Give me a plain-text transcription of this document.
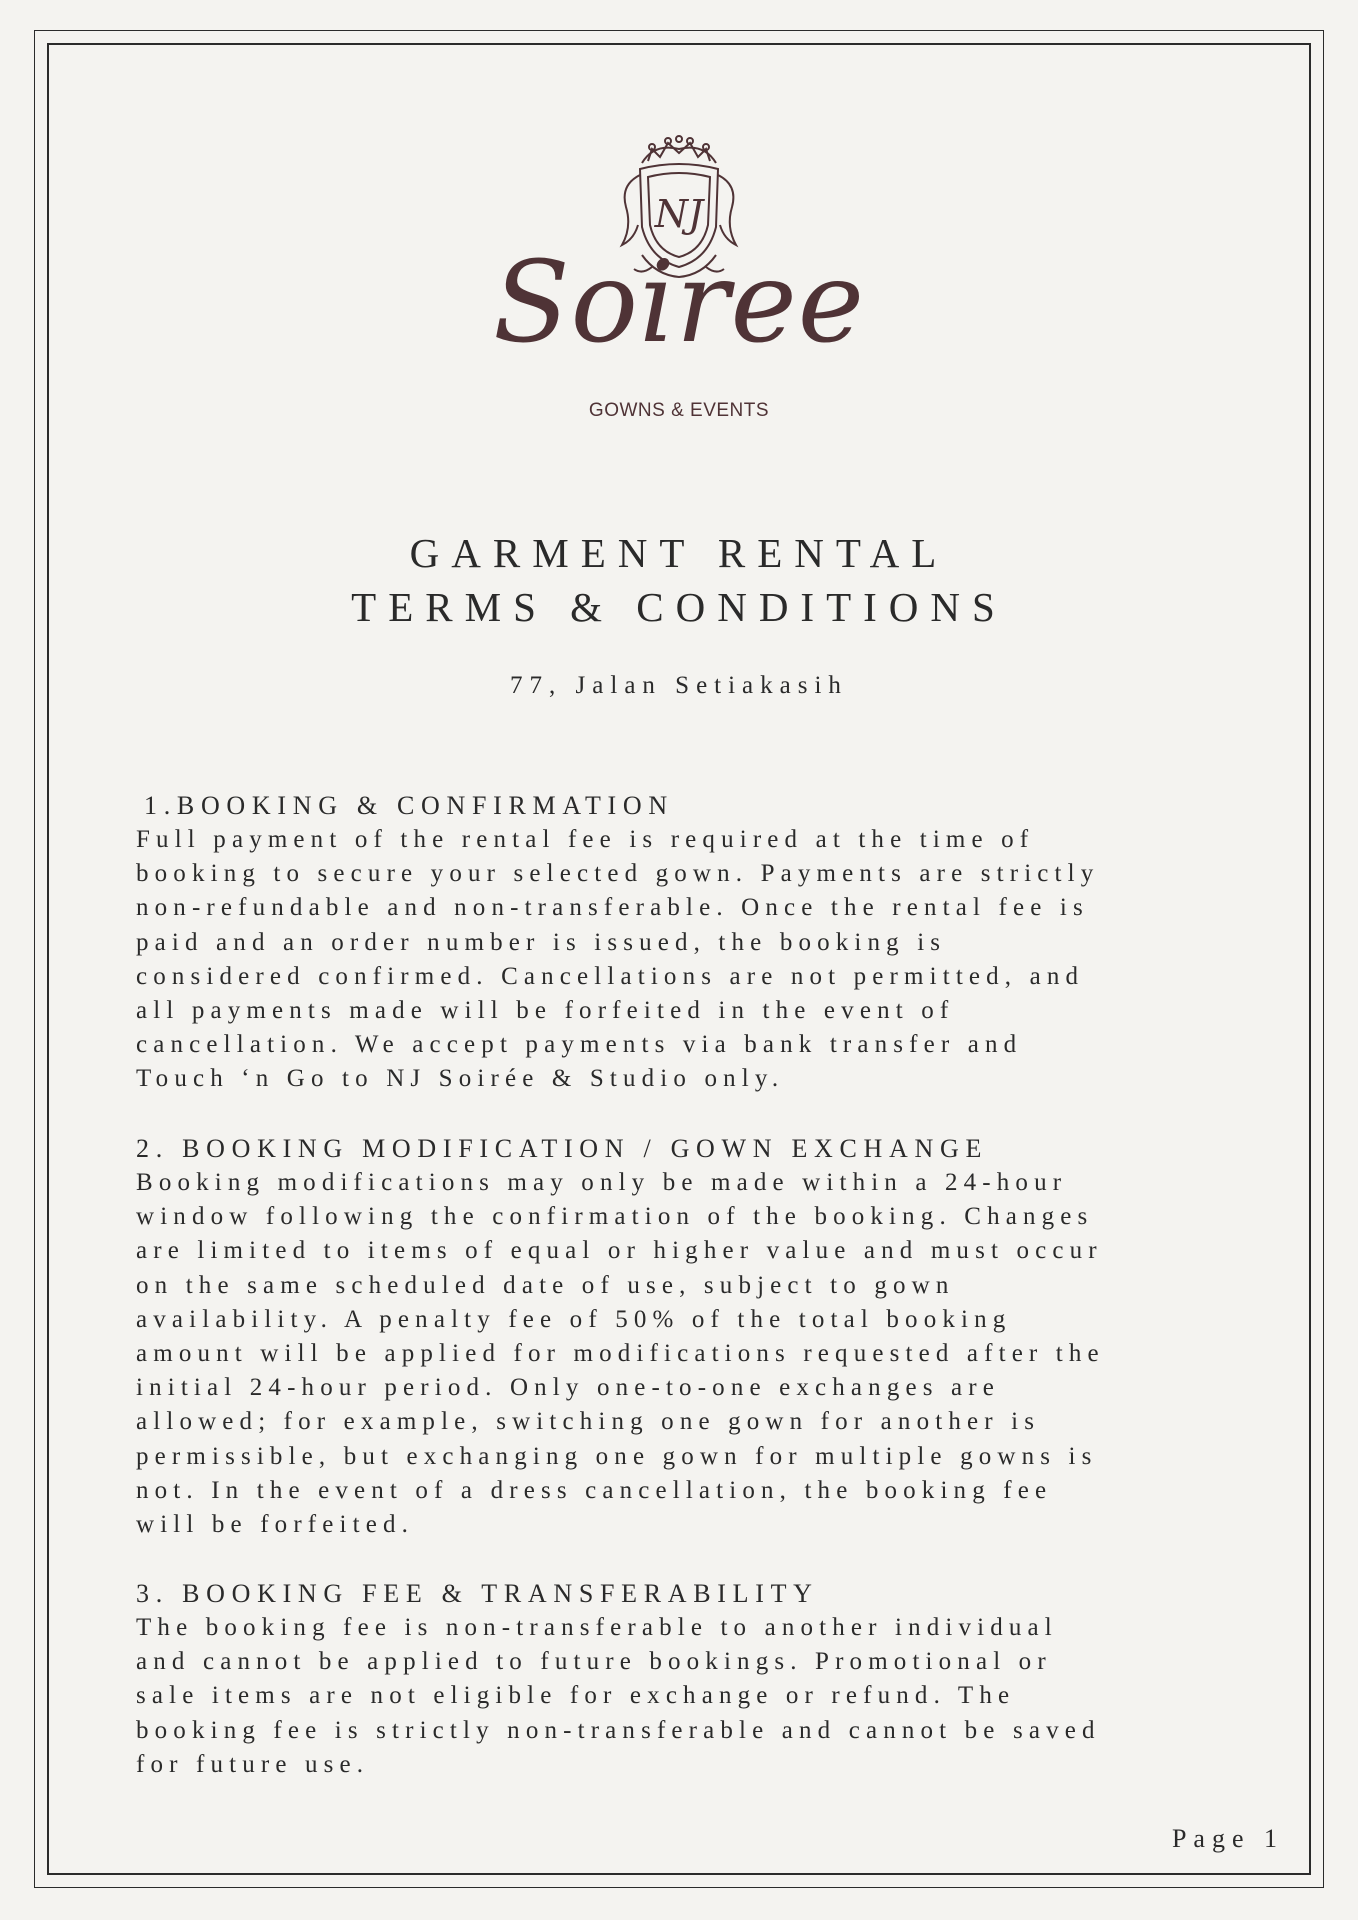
NJ
Soiree
GOWNS & EVENTS
GARMENT RENTAL
TERMS & CONDITIONS
77, Jalan Setiakasih
1.BOOKING & CONFIRMATION
Full payment of the rental fee is required at the time of
booking to secure your selected gown. Payments are strictly
non-refundable and non-transferable. Once the rental fee is
paid and an order number is issued, the booking is
considered confirmed. Cancellations are not permitted, and
all payments made will be forfeited in the event of
cancellation. We accept payments via bank transfer and
Touch ‘n Go to NJ Soirée & Studio only.
2. BOOKING MODIFICATION / GOWN EXCHANGE
Booking modifications may only be made within a 24-hour
window following the confirmation of the booking. Changes
are limited to items of equal or higher value and must occur
on the same scheduled date of use, subject to gown
availability. A penalty fee of 50% of the total booking
amount will be applied for modifications requested after the
initial 24-hour period. Only one-to-one exchanges are
allowed; for example, switching one gown for another is
permissible, but exchanging one gown for multiple gowns is
not. In the event of a dress cancellation, the booking fee
will be forfeited.
3. BOOKING FEE & TRANSFERABILITY
The booking fee is non-transferable to another individual
and cannot be applied to future bookings. Promotional or
sale items are not eligible for exchange or refund. The
booking fee is strictly non-transferable and cannot be saved
for future use.
Page 1
